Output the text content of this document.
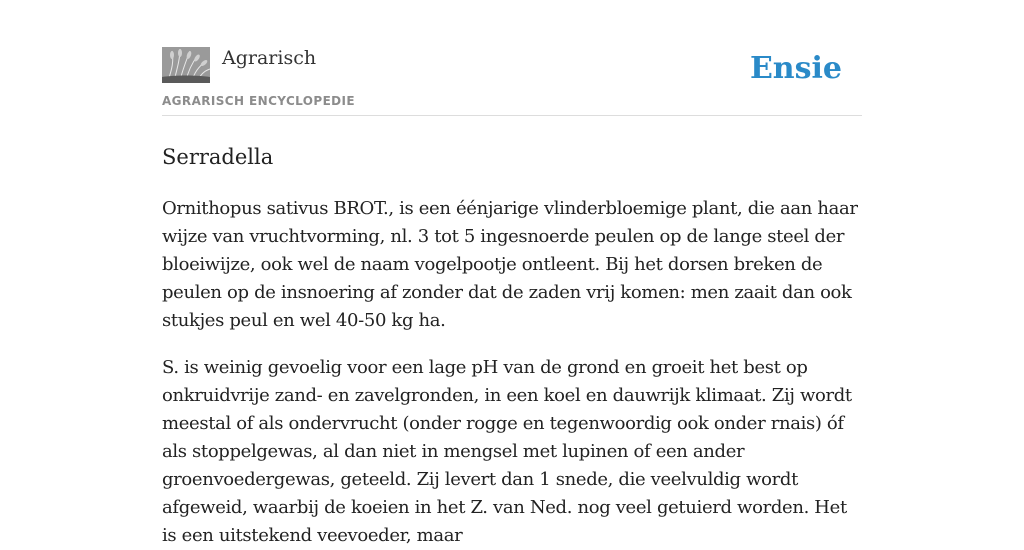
Agrarisch
AGRARISCH ENCYCLOPEDIE
Ensie
Serradella

Ornithopus sativus BROT., is een éénjarige vlinderbloemige plant, die aan haar wijze van vruchtvorming, nl. 3 tot 5 ingesnoerde peulen op de lange steel der bloeiwijze, ook wel de naam vogelpootje ontleent. Bij het dorsen breken de peulen op de insnoering af zonder dat de zaden vrij komen: men zaait dan ook stukjes peul en wel 40-50 kg ha.

S. is weinig gevoelig voor een lage pH van de grond en groeit het best op onkruidvrije zand- en zavelgronden, in een koel en dauwrijk klimaat. Zij wordt meestal of als ondervrucht (onder rogge en tegenwoordig ook onder rnais) óf als stoppelgewas, al dan niet in mengsel met lupinen of een ander groenvoedergewas, geteeld. Zij levert dan 1 snede, die veelvuldig wordt afgeweid, waarbij de koeien in het Z. van Ned. nog veel getuierd worden. Het is een uitstekend veevoeder, maar
